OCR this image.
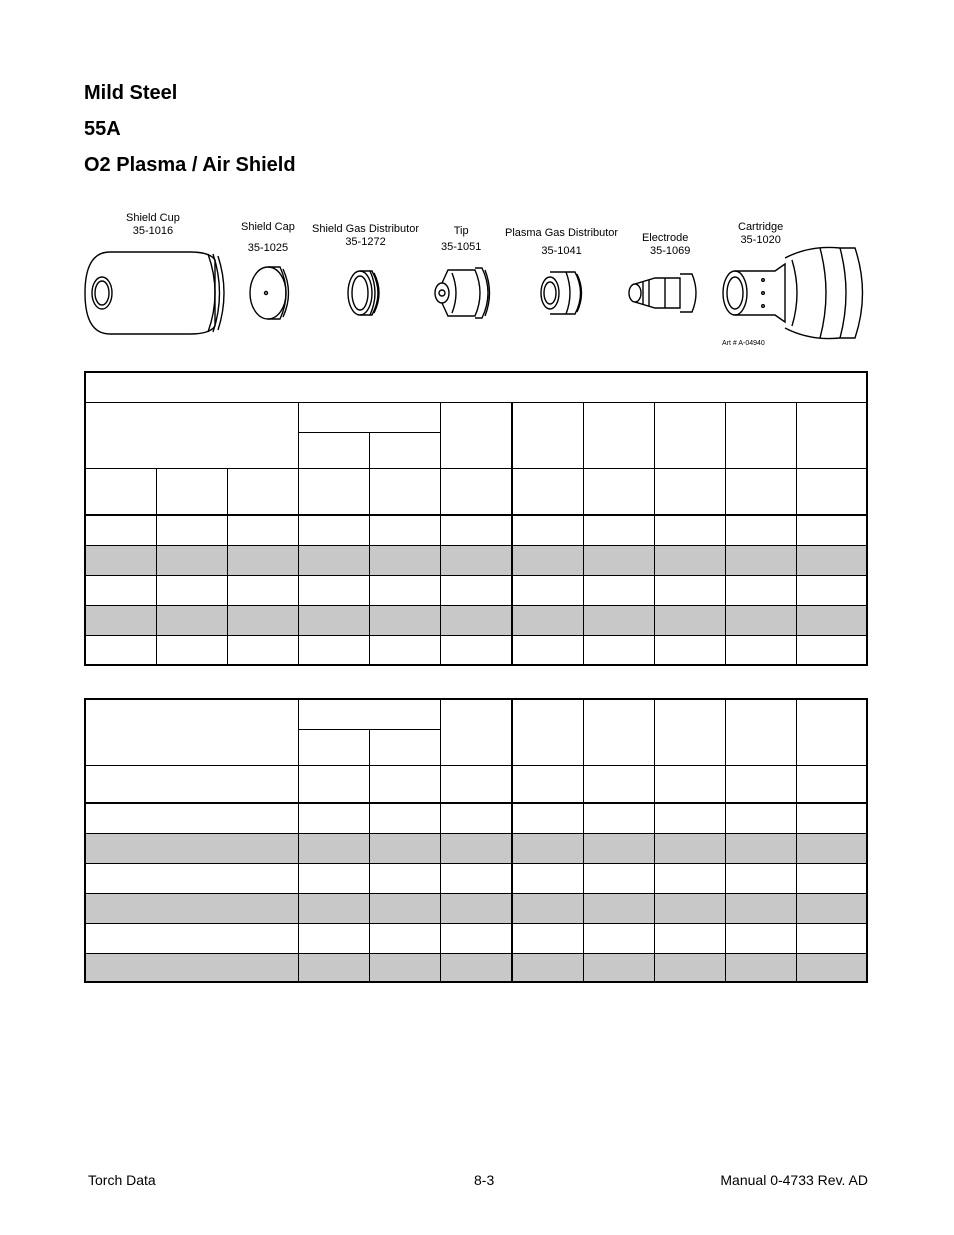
Mild Steel
55A
O2 Plasma / Air Shield
Shield Cup
35-1016	Shield Cap
35-1025
Shield Gas Distributor
35-1272
Tip
35-1051
Plasma Gas Distributor
35-1041
Electrode
35-1069
Cartridge
35-1020
Art # A-04940

Torch Data	8-3	Manual 0-4733 Rev. AD
